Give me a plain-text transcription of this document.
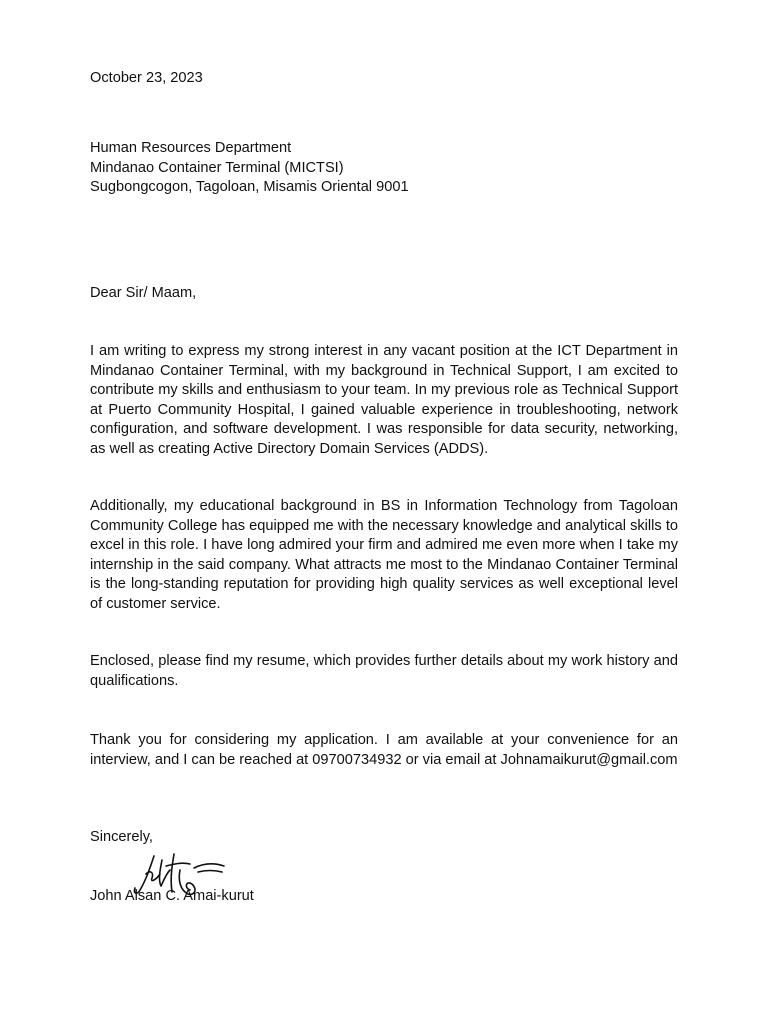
October 23, 2023
Human Resources Department
Mindanao Container Terminal (MICTSI)
Sugbongcogon, Tagoloan, Misamis Oriental 9001
Dear Sir/ Maam,
I am writing to express my strong interest in any vacant position at the ICT Department in Mindanao Container Terminal, with my background in Technical Support, I am excited to contribute my skills and enthusiasm to your team. In my previous role as Technical Support at Puerto Community Hospital, I gained valuable experience in troubleshooting, network configuration, and software development. I was responsible for data security, networking, as well as creating Active Directory Domain Services (ADDS).
Additionally, my educational background in BS in Information Technology from Tagoloan Community College has equipped me with the necessary knowledge and analytical skills to excel in this role. I have long admired your firm and admired me even more when I take my internship in the said company. What attracts me most to the Mindanao Container Terminal is the long-standing reputation for providing high quality services as well exceptional level of customer service.
Enclosed, please find my resume, which provides further details about my work history and qualifications.
Thank you for considering my application. I am available at your convenience for an interview, and I can be reached at 09700734932 or via email at Johnamaikurut@gmail.com
Sincerely,
John Alsan C. Amai-kurut
